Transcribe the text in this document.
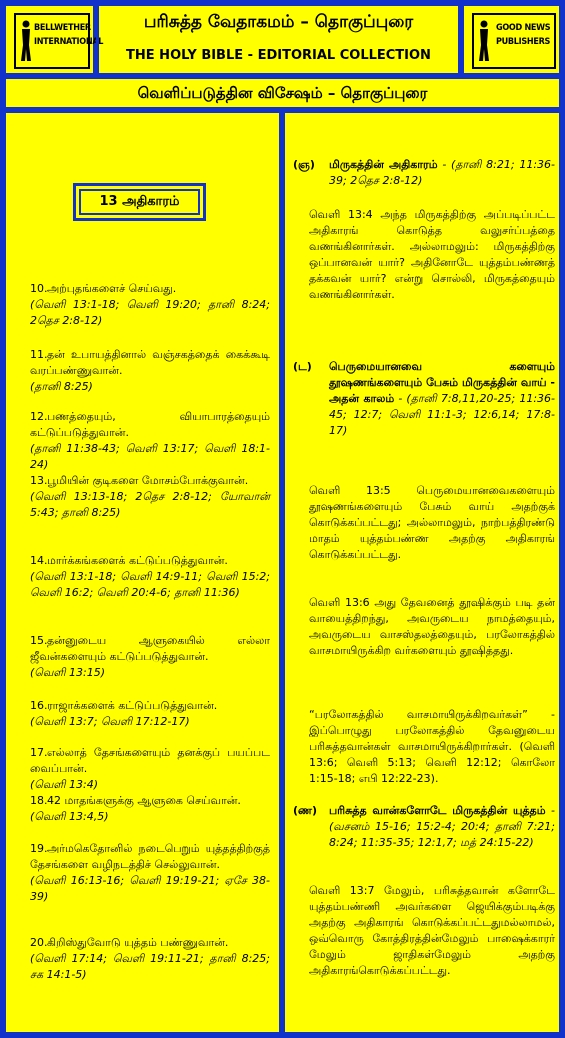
BELLWETHER
INTERNATIONAL
பரிசுத்த வேதாகமம் – தொகுப்புரை
THE HOLY BIBLE - EDITORIAL COLLECTION
GOOD NEWS
PUBLISHERS
வெளிப்படுத்தின விசேஷம் – தொகுப்புரை
13 அதிகாரம்
10.அற்புதங்களைச் செய்வது.
(வெளி 13:1-18; வெளி 19:20; தானி 8:24; 2தெச 2:8-12)
11.தன் உபாயத்தினால் வஞ்சகத்தைக் கைக்கூடி வரப்பண்ணுவான்.
(தானி 8:25)
12.பணத்தையும், வியாபாரத்தையும் கட்டுப்படுத்துவான்.
(தானி 11:38-43; வெளி 13:17; வெளி 18:1-24)
13.பூமியின் குடிகளை மோசம்போக்குவான்.
(வெளி 13:13-18; 2தெச 2:8-12; யோவான் 5:43; தானி 8:25)
14.மார்க்கங்களைக் கட்டுப்படுத்துவான்.
(வெளி 13:1-18; வெளி 14:9-11; வெளி 15:2; வெளி 16:2; வெளி 20:4-6; தானி 11:36)
15.தன்னுடைய ஆளுகையில் எல்லா ஜீவன்களையும் கட்டுப்படுத்துவான்.
(வெளி 13:15)
16.ராஜாக்களைக் கட்டுப்படுத்துவான்.
(வெளி 13:7; வெளி 17:12-17)
17.எல்லாத் தேசங்களையும் தனக்குப் பயப்பட வைப்பான்.
(வெளி 13:4)
18.42 மாதங்களுக்கு ஆளுகை செய்வான்.
(வெளி 13:4,5)
19.அர்மகெதோனில் நடைபெறும் யுத்தத்திற்குத் தேசங்களை வழிநடத்திச் செல்லுவான்.
(வெளி 16:13-16; வெளி 19:19-21; ஏசே 38-39)
20.கிறிஸ்துவோடு யுத்தம் பண்ணுவான்.
(வெளி 17:14; வெளி 19:11-21; தானி 8:25; சக 14:1-5)
(ஞ) மிருகத்தின் அதிகாரம் - (தானி 8:21; 11:36-39; 2தெச 2:8-12)
வெளி 13:4 அந்த மிருகத்திற்கு அப்படிப்பட்ட அதிகாரங் கொடுத்த வலுசர்ப்பத்தை வணங்கினார்கள். அல்லாமலும்: மிருகத்திற்கு ஒப்பானவன் யார்? அதினோடே யுத்தம்பண்ணத் தக்கவன் யார்? என்று சொல்லி, மிருகத்தையும் வணங்கினார்கள்.
(ட) பெருமையானவை களையும் தூஷணங்களையும் பேசும் மிருகத்தின் வாய் - அதன் காலம் - (தானி 7:8,11,20-25; 11:36-45; 12:7; வெளி 11:1-3; 12:6,14; 17:8-17)
வெளி 13:5 பெருமையானவைகளையும் தூஷணங்களையும் பேசும் வாய் அதற்குக் கொடுக்கப்பட்டது; அல்லாமலும், நாற்பத்திரண்டு மாதம் யுத்தம்பண்ண அதற்கு அதிகாரங் கொடுக்கப்பட்டது.
வெளி 13:6 அது தேவனைத் தூஷிக்கும் படி தன் வாயைத்திறந்து, அவருடைய நாமத்தையும், அவருடைய வாசஸ்தலத்தையும், பரலோகத்தில் வாசமாயிருக்கிற வர்களையும் தூஷித்தது.
“பரலோகத்தில் வாசமாயிருக்கிறவர்கள்” - இப்பொழுது பரலோகத்தில் தேவனுடைய பரிசுத்தவான்கள் வாசமாயிருக்கிறார்கள். (வெளி 13:6; வெளி 5:13; வெளி 12:12; கொலோ 1:15-18; எபி 12:22-23).
(ண) பரிசுத்த வான்களோடே மிருகத்தின் யுத்தம் - (வசனம் 15-16; 15:2-4; 20:4; தானி 7:21; 8:24; 11:35-35; 12:1,7; மத் 24:15-22)
வெளி 13:7 மேலும், பரிசுத்தவான் களோடே யுத்தம்பண்ணி அவர்களை ஜெயிக்கும்படிக்கு அதற்கு அதிகாரங் கொடுக்கப்பட்டதுமல்லாமல், ஒவ்வொரு கோத்திரத்தின்மேலும் பாஷைக்காரர் மேலும் ஜாதிகள்மேலும் அதற்கு அதிகாரங்கொடுக்கப்பட்டது.
